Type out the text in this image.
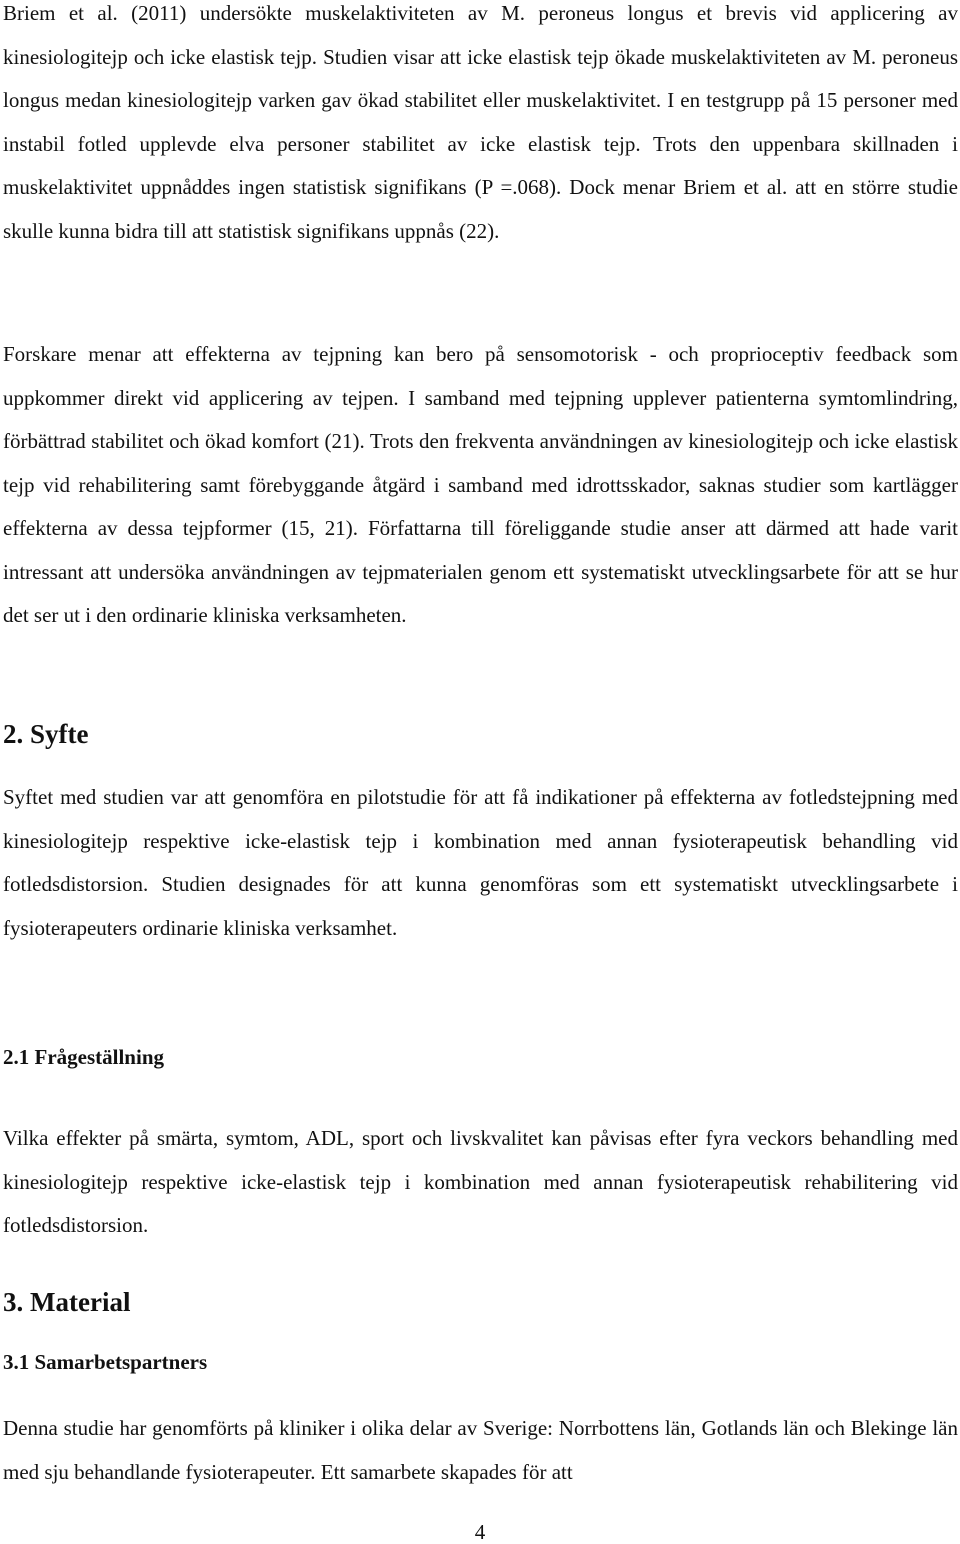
Briem et al. (2011) undersökte muskelaktiviteten av M. peroneus longus et brevis vid applicering av kinesiologitejp och icke elastisk tejp. Studien visar att icke elastisk tejp ökade muskelaktiviteten av M. peroneus longus medan kinesiologitejp varken gav ökad stabilitet eller muskelaktivitet. I en testgrupp på 15 personer med instabil fotled upplevde elva personer stabilitet av icke elastisk tejp. Trots den uppenbara skillnaden i muskelaktivitet uppnåddes ingen statistisk signifikans (P =.068). Dock menar Briem et al. att en större studie skulle kunna bidra till att statistisk signifikans uppnås (22).

Forskare menar att effekterna av tejpning kan bero på sensomotorisk - och proprioceptiv feedback som uppkommer direkt vid applicering av tejpen. I samband med tejpning upplever patienterna symtomlindring, förbättrad stabilitet och ökad komfort (21). Trots den frekventa användningen av kinesiologitejp och icke elastisk tejp vid rehabilitering samt förebyggande åtgärd i samband med idrottsskador, saknas studier som kartlägger effekterna av dessa tejpformer (15, 21). Författarna till föreliggande studie anser att därmed att hade varit intressant att undersöka användningen av tejpmaterialen genom ett systematiskt utvecklingsarbete för att se hur det ser ut i den ordinarie kliniska verksamheten.

2. Syfte

Syftet med studien var att genomföra en pilotstudie för att få indikationer på effekterna av fotledstejpning med kinesiologitejp respektive icke-elastisk tejp i kombination med annan fysioterapeutisk behandling vid fotledsdistorsion. Studien designades för att kunna genomföras som ett systematiskt utvecklingsarbete i fysioterapeuters ordinarie kliniska verksamhet.

2.1 Frågeställning

Vilka effekter på smärta, symtom, ADL, sport och livskvalitet kan påvisas efter fyra veckors behandling med kinesiologitejp respektive icke-elastisk tejp i kombination med annan fysioterapeutisk rehabilitering vid fotledsdistorsion.

3. Material
3.1 Samarbetspartners

Denna studie har genomförts på kliniker i olika delar av Sverige: Norrbottens län, Gotlands län och Blekinge län med sju behandlande fysioterapeuter. Ett samarbete skapades för att

4
